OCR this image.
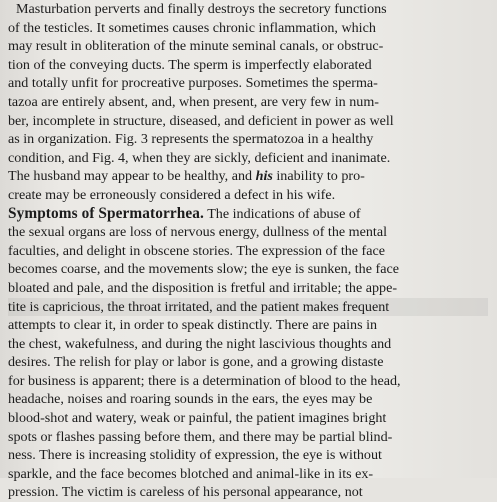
Masturbation perverts and finally destroys the secretory functions
of the testicles. It sometimes causes chronic inflammation, which
may result in obliteration of the minute seminal canals, or obstruc-
tion of the conveying ducts. The sperm is imperfectly elaborated
and totally unfit for procreative purposes. Sometimes the sperma-
tazoa are entirely absent, and, when present, are very few in num-
ber, incomplete in structure, diseased, and deficient in power as well
as in organization. Fig. 3 represents the spermatozoa in a healthy
condition, and Fig. 4, when they are sickly, deficient and inanimate.
The husband may appear to be healthy, and his inability to pro-
create may be erroneously considered a defect in his wife.
Symptoms of Spermatorrhea. The indications of abuse of
the sexual organs are loss of nervous energy, dullness of the mental
faculties, and delight in obscene stories. The expression of the face
becomes coarse, and the movements slow; the eye is sunken, the face
bloated and pale, and the disposition is fretful and irritable; the appe-
tite is capricious, the throat irritated, and the patient makes frequent
attempts to clear it, in order to speak distinctly. There are pains in
the chest, wakefulness, and during the night lascivious thoughts and
desires. The relish for play or labor is gone, and a growing distaste
for business is apparent; there is a determination of blood to the head,
headache, noises and roaring sounds in the ears, the eyes may be
blood-shot and watery, weak or painful, the patient imagines bright
spots or flashes passing before them, and there may be partial blind-
ness. There is increasing stolidity of expression, the eye is without
sparkle, and the face becomes blotched and animal-like in its ex-
pression. The victim is careless of his personal appearance, not
